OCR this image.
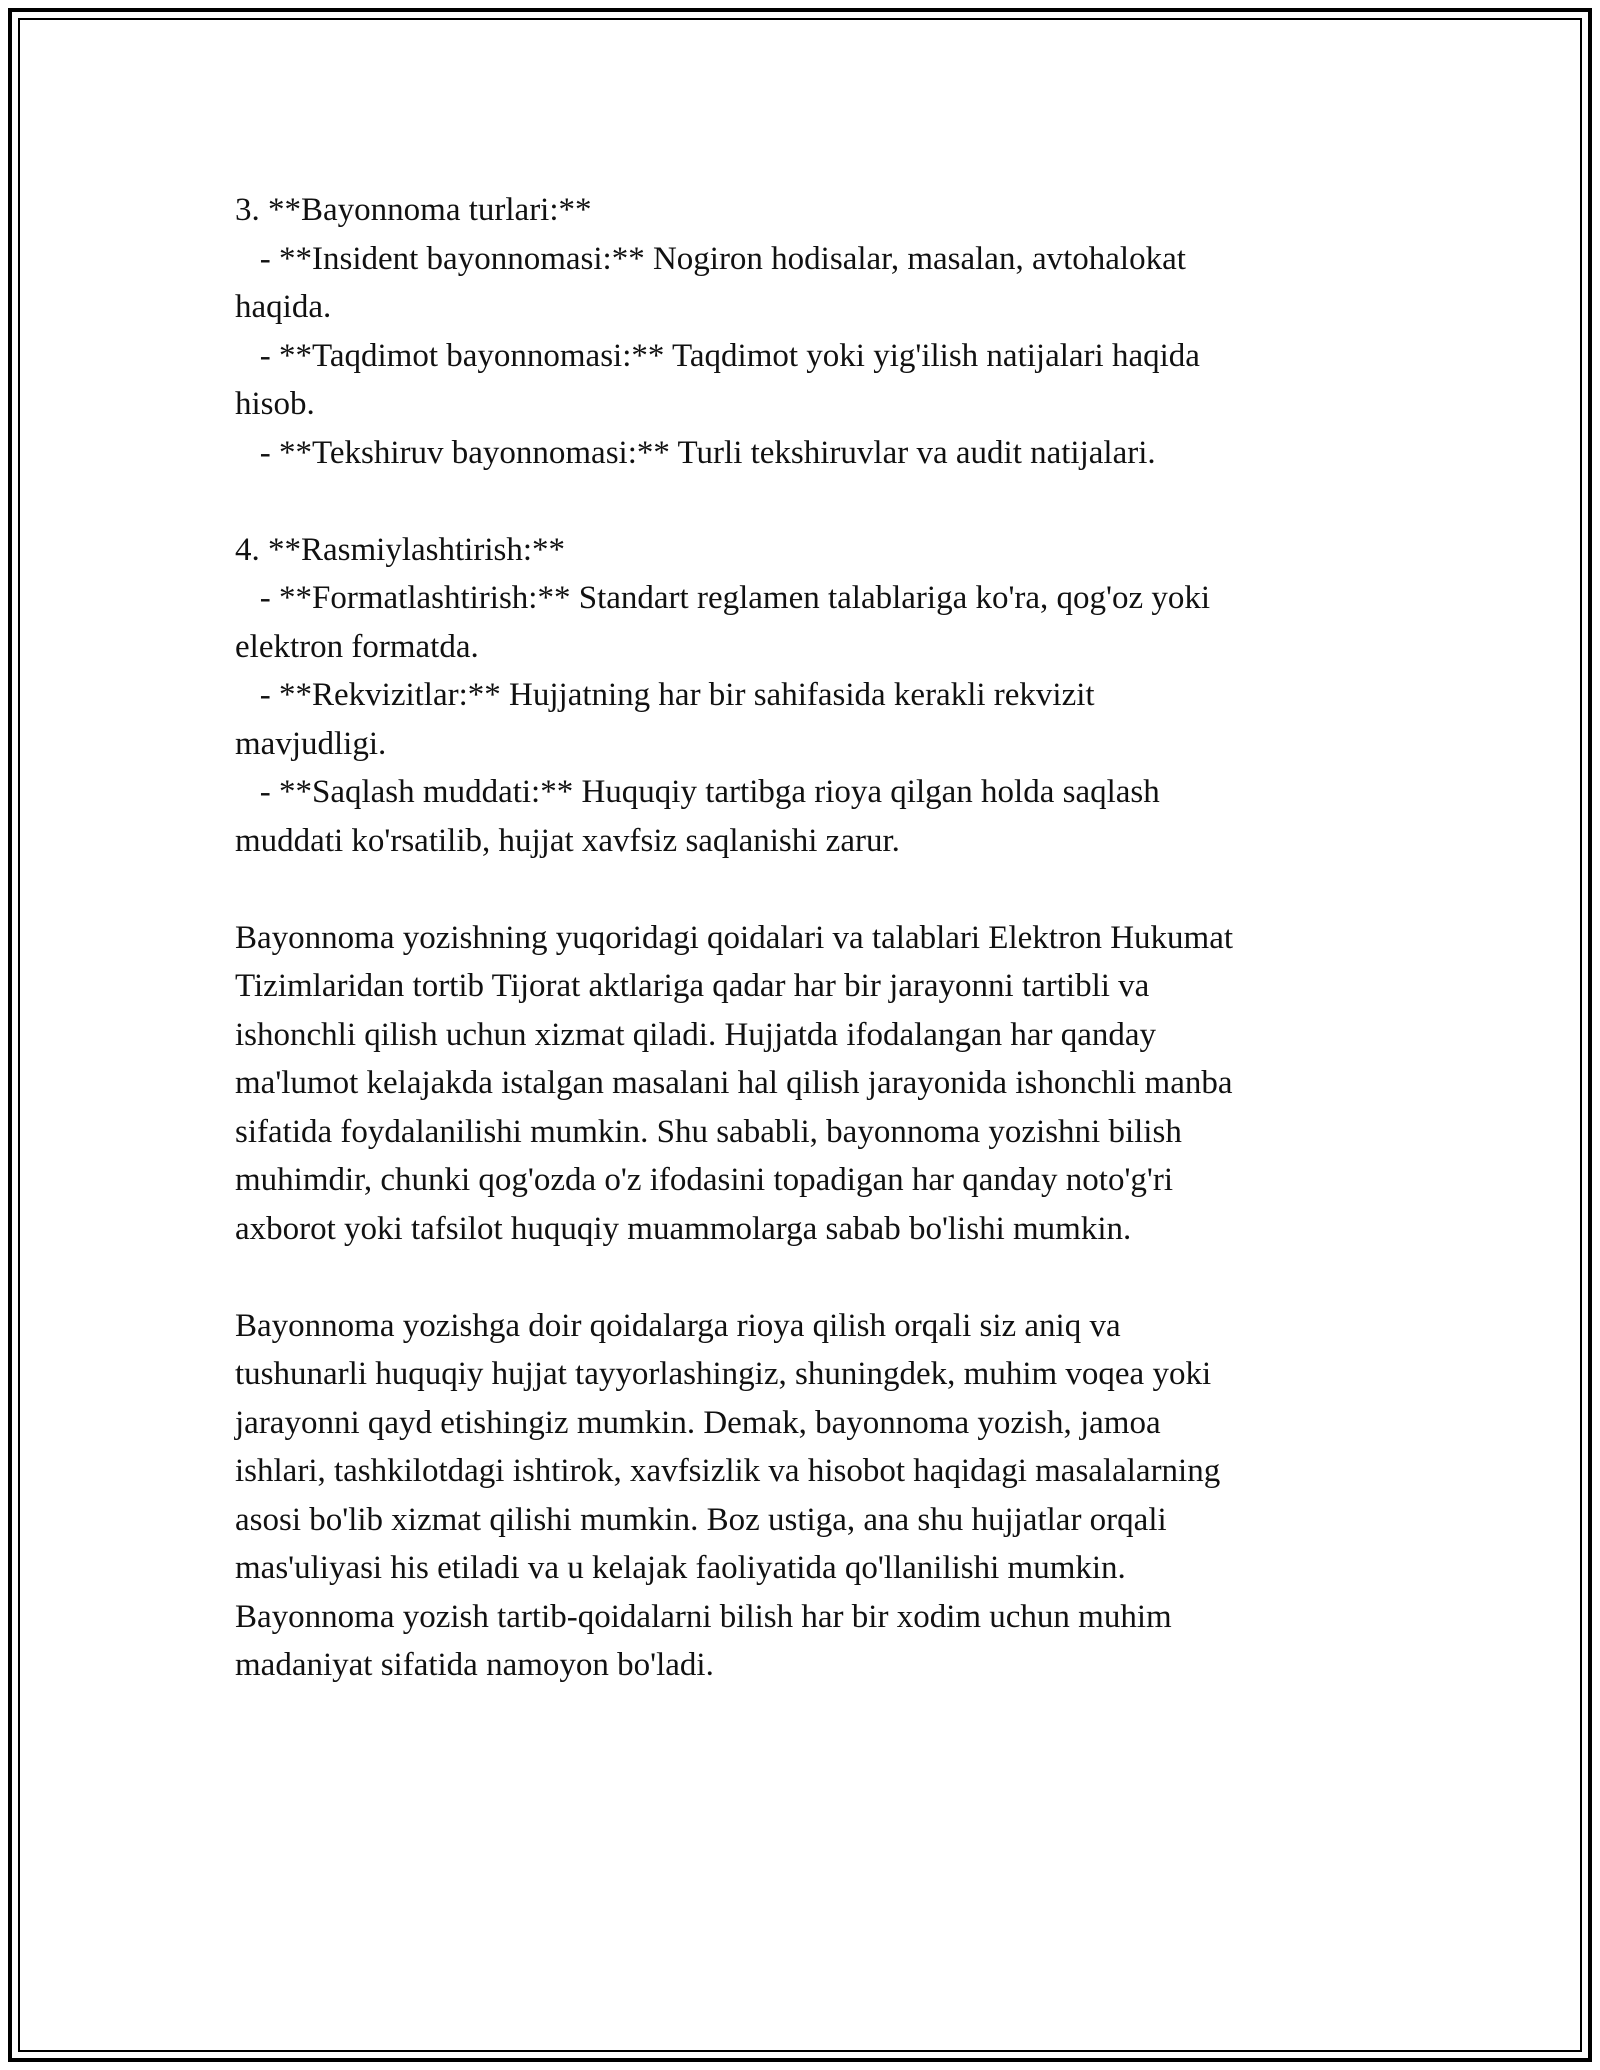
3. **Bayonnoma turlari:**
- **Insident bayonnomasi:** Nogiron hodisalar, masalan, avtohalokat
haqida.
- **Taqdimot bayonnomasi:** Taqdimot yoki yig'ilish natijalari haqida
hisob.
- **Tekshiruv bayonnomasi:** Turli tekshiruvlar va audit natijalari.
4. **Rasmiylashtirish:**
- **Formatlashtirish:** Standart reglamen talablariga ko'ra, qog'oz yoki
elektron formatda.
- **Rekvizitlar:** Hujjatning har bir sahifasida kerakli rekvizit
mavjudligi.
- **Saqlash muddati:** Huquqiy tartibga rioya qilgan holda saqlash
muddati ko'rsatilib, hujjat xavfsiz saqlanishi zarur.
Bayonnoma yozishning yuqoridagi qoidalari va talablari Elektron Hukumat
Tizimlaridan tortib Tijorat aktlariga qadar har bir jarayonni tartibli va
ishonchli qilish uchun xizmat qiladi. Hujjatda ifodalangan har qanday
ma'lumot kelajakda istalgan masalani hal qilish jarayonida ishonchli manba
sifatida foydalanilishi mumkin. Shu sababli, bayonnoma yozishni bilish
muhimdir, chunki qog'ozda o'z ifodasini topadigan har qanday noto'g'ri
axborot yoki tafsilot huquqiy muammolarga sabab bo'lishi mumkin.
Bayonnoma yozishga doir qoidalarga rioya qilish orqali siz aniq va
tushunarli huquqiy hujjat tayyorlashingiz, shuningdek, muhim voqea yoki
jarayonni qayd etishingiz mumkin. Demak, bayonnoma yozish, jamoa
ishlari, tashkilotdagi ishtirok, xavfsizlik va hisobot haqidagi masalalarning
asosi bo'lib xizmat qilishi mumkin. Boz ustiga, ana shu hujjatlar orqali
mas'uliyasi his etiladi va u kelajak faoliyatida qo'llanilishi mumkin.
Bayonnoma yozish tartib-qoidalarni bilish har bir xodim uchun muhim
madaniyat sifatida namoyon bo'ladi.
